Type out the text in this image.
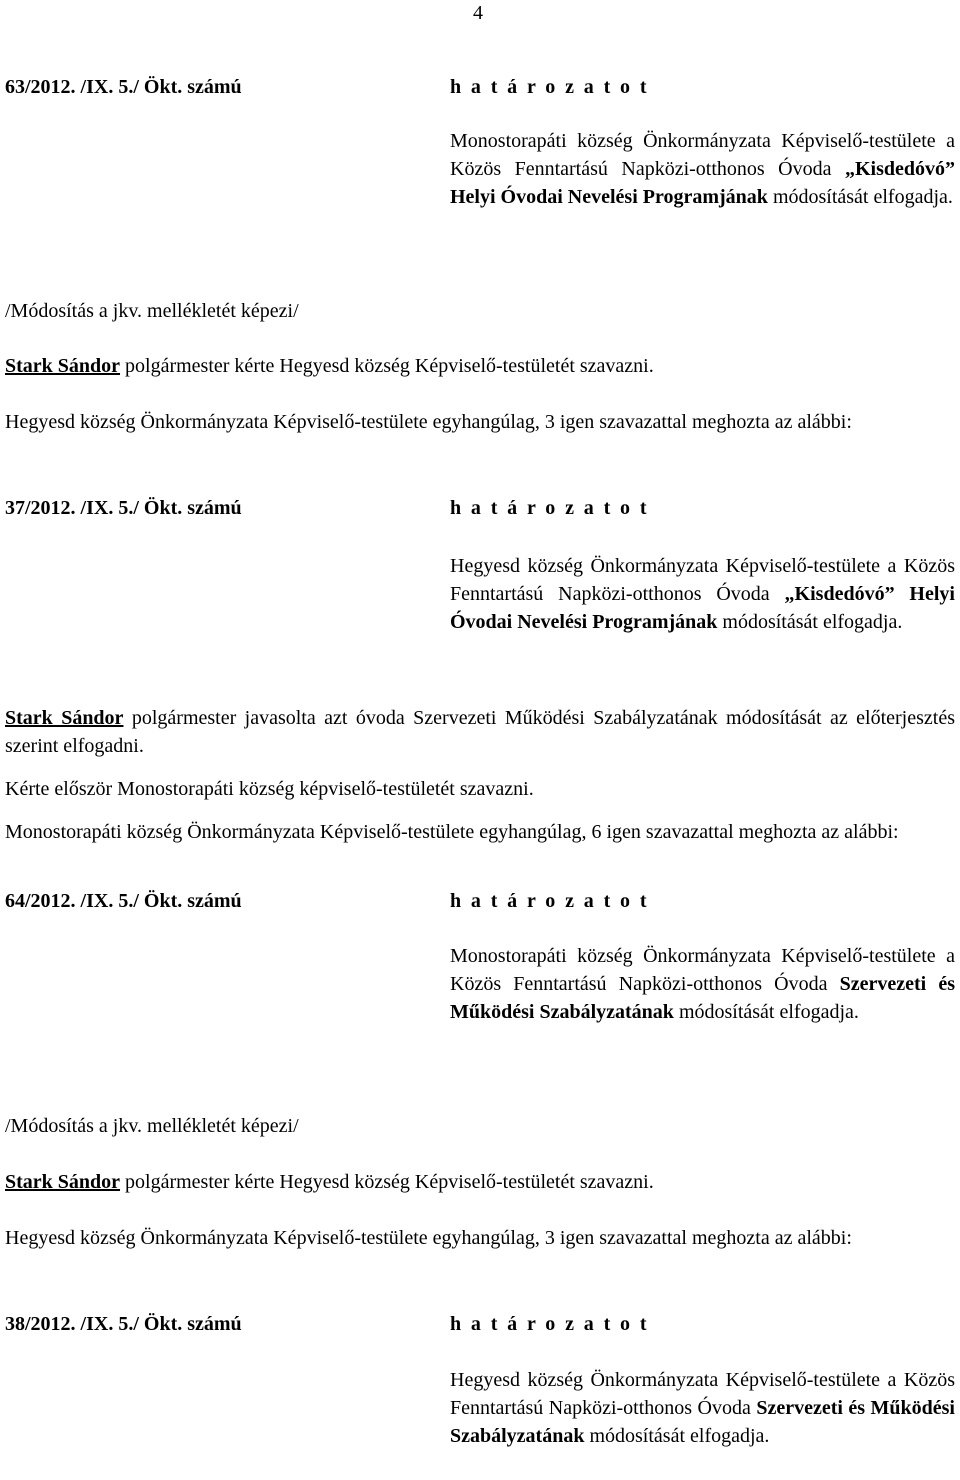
4
63/2012. /IX. 5./ Ökt. számú	h a t á r o z a t o t
Monostorapáti község Önkormányzata Képviselő-testülete a Közös Fenntartású Napközi-otthonos Óvoda „Kisdedóvó” Helyi Óvodai Nevelési Programjának módosítását elfogadja.
/Módosítás a jkv. mellékletét képezi/
Stark Sándor polgármester kérte Hegyesd község Képviselő-testületét szavazni.
Hegyesd község Önkormányzata Képviselő-testülete egyhangúlag, 3 igen szavazattal meghozta az alábbi:
37/2012. /IX. 5./ Ökt. számú	h a t á r o z a t o t
Hegyesd község Önkormányzata Képviselő-testülete a Közös Fenntartású Napközi-otthonos Óvoda „Kisdedóvó” Helyi Óvodai Nevelési Programjának módosítását elfogadja.
Stark Sándor polgármester javasolta azt óvoda Szervezeti Működési Szabályzatának módosítását az előterjesztés szerint elfogadni.
Kérte először Monostorapáti község képviselő-testületét szavazni.
Monostorapáti község Önkormányzata Képviselő-testülete egyhangúlag, 6 igen szavazattal meghozta az alábbi:
64/2012. /IX. 5./ Ökt. számú	h a t á r o z a t o t
Monostorapáti község Önkormányzata Képviselő-testülete a Közös Fenntartású Napközi-otthonos Óvoda Szervezeti és Működési Szabályzatának módosítását elfogadja.
/Módosítás a jkv. mellékletét képezi/
Stark Sándor polgármester kérte Hegyesd község Képviselő-testületét szavazni.
Hegyesd község Önkormányzata Képviselő-testülete egyhangúlag, 3 igen szavazattal meghozta az alábbi:
38/2012. /IX. 5./ Ökt. számú	h a t á r o z a t o t
Hegyesd község Önkormányzata Képviselő-testülete a Közös Fenntartású Napközi-otthonos Óvoda Szervezeti és Működési Szabályzatának módosítását elfogadja.
